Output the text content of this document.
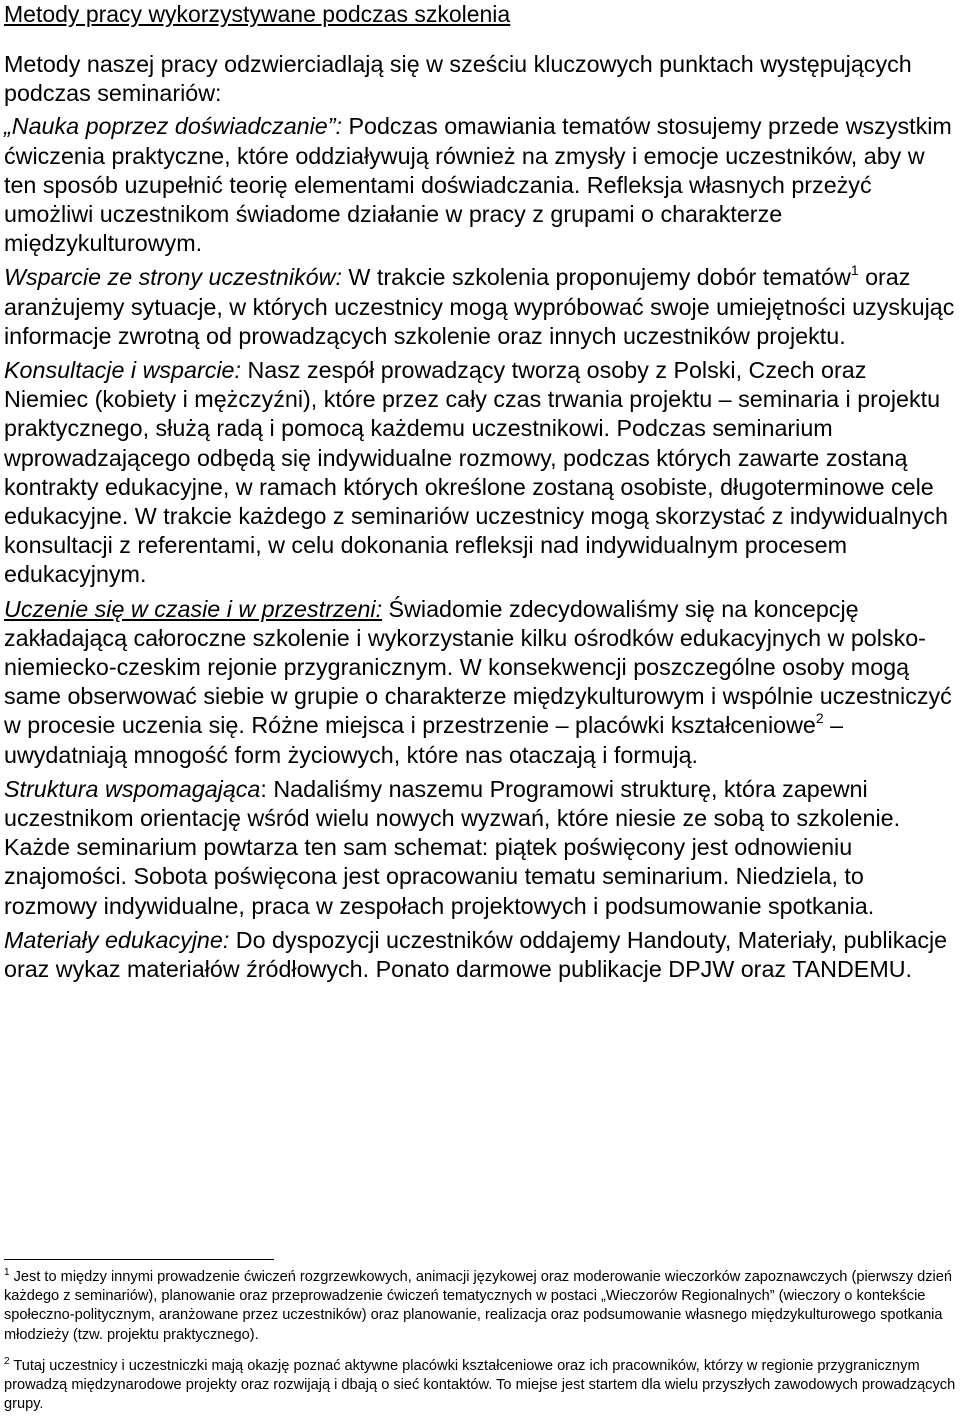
Metody pracy wykorzystywane podczas szkolenia

Metody naszej pracy odzwierciadlają się w sześciu kluczowych punktach występujących podczas seminariów:

„Nauka poprzez doświadczanie”: Podczas omawiania tematów stosujemy przede wszystkim ćwiczenia praktyczne, które oddziaływują również na zmysły i emocje uczestników, aby w ten sposób uzupełnić teorię elementami doświadczania. Refleksja własnych przeżyć umożliwi uczestnikom świadome działanie w pracy z grupami o charakterze międzykulturowym.

Wsparcie ze strony uczestników: W trakcie szkolenia proponujemy dobór tematów$^1$ oraz aranżujemy sytuacje, w których uczestnicy mogą wypróbować swoje umiejętności uzyskując informacje zwrotną od prowadzących szkolenie oraz innych uczestników projektu.

Konsultacje i wsparcie: Nasz zespół prowadzący tworzą osoby z Polski, Czech oraz Niemiec (kobiety i mężczyźni), które przez cały czas trwania projektu – seminaria i projektu praktycznego, służą radą i pomocą każdemu uczestnikowi. Podczas seminarium wprowadzającego odbędą się indywidualne rozmowy, podczas których zawarte zostaną kontrakty edukacyjne, w ramach których określone zostaną osobiste, długoterminowe cele edukacyjne. W trakcie każdego z seminariów uczestnicy mogą skorzystać z indywidualnych konsultacji z referentami, w celu dokonania refleksji nad indywidualnym procesem edukacyjnym.

Uczenie się w czasie i w przestrzeni: Świadomie zdecydowaliśmy się na koncepcję zakładającą całoroczne szkolenie i wykorzystanie kilku ośrodków edukacyjnych w polsko-niemiecko-czeskim rejonie przygranicznym. W konsekwencji poszczególne osoby mogą same obserwować siebie w grupie o charakterze międzykulturowym i wspólnie uczestniczyć w procesie uczenia się. Różne miejsca i przestrzenie – placówki kształceniowe$^2$ – uwydatniają mnogość form życiowych, które nas otaczają i formują.

Struktura wspomagająca: Nadaliśmy naszemu Programowi strukturę, która zapewni uczestnikom orientację wśród wielu nowych wyzwań, które niesie ze sobą to szkolenie. Każde seminarium powtarza ten sam schemat: piątek poświęcony jest odnowieniu znajomości. Sobota poświęcona jest opracowaniu tematu seminarium. Niedziela, to rozmowy indywidualne, praca w zespołach projektowych i podsumowanie spotkania.

Materiały edukacyjne: Do dyspozycji uczestników oddajemy Handouty, Materiały, publikacje oraz wykaz materiałów źródłowych. Ponato darmowe publikacje DPJW oraz TANDEMU.

$^1$ Jest to między innymi prowadzenie ćwiczeń rozgrzewkowych, animacji językowej oraz moderowanie wieczorków zapoznawczych (pierwszy dzień każdego z seminariów), planowanie oraz przeprowadzenie ćwiczeń tematycznych w postaci „Wieczorów Regionalnych” (wieczory o kontekście społeczno-politycznym, aranżowane przez uczestników) oraz planowanie, realizacja oraz podsumowanie własnego międzykulturowego spotkania młodzieży (tzw. projektu praktycznego).

$^2$ Tutaj uczestnicy i uczestniczki mają okazję poznać aktywne placówki kształceniowe oraz ich pracowników, którzy w regionie przygranicznym prowadzą międzynarodowe projekty oraz rozwijają i dbają o sieć kontaktów. To miejse jest startem dla wielu przyszłych zawodowych prowadzących grupy.
